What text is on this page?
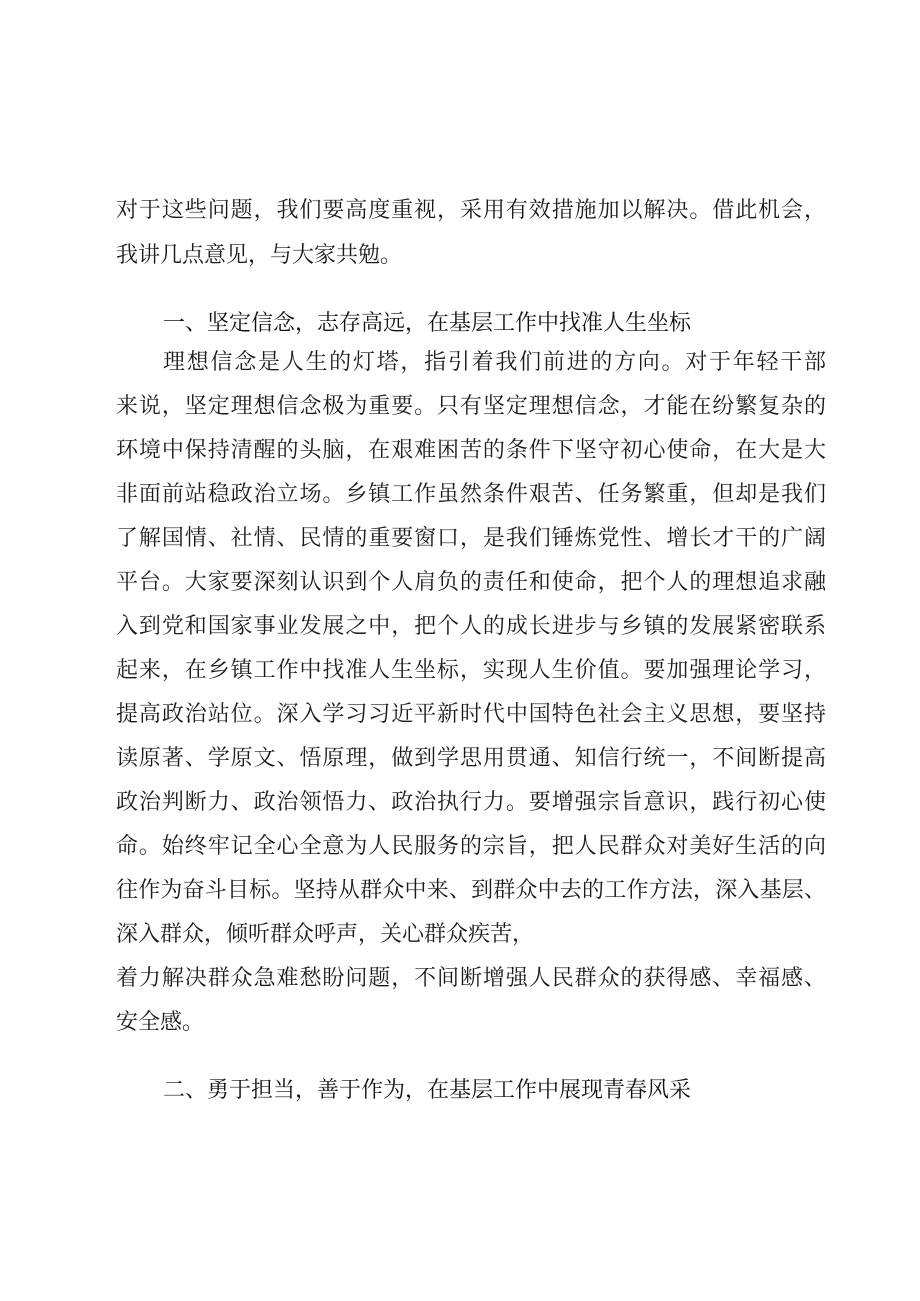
对于这些问题，我们要高度重视，采用有效措施加以解决。借此机会，
我讲几点意见，与大家共勉。
一、坚定信念，志存高远，在基层工作中找准人生坐标
理想信念是人生的灯塔，指引着我们前进的方向。对于年轻干部
来说，坚定理想信念极为重要。只有坚定理想信念，才能在纷繁复杂的
环境中保持清醒的头脑，在艰难困苦的条件下坚守初心使命，在大是大
非面前站稳政治立场。乡镇工作虽然条件艰苦、任务繁重，但却是我们
了解国情、社情、民情的重要窗口，是我们锤炼党性、增长才干的广阔
平台。大家要深刻认识到个人肩负的责任和使命，把个人的理想追求融
入到党和国家事业发展之中，把个人的成长进步与乡镇的发展紧密联系
起来，在乡镇工作中找准人生坐标，实现人生价值。要加强理论学习，
提高政治站位。深入学习习近平新时代中国特色社会主义思想，要坚持
读原著、学原文、悟原理，做到学思用贯通、知信行统一，不间断提高
政治判断力、政治领悟力、政治执行力。要增强宗旨意识，践行初心使
命。始终牢记全心全意为人民服务的宗旨，把人民群众对美好生活的向
往作为奋斗目标。坚持从群众中来、到群众中去的工作方法，深入基层、
深入群众，倾听群众呼声，关心群众疾苦，
着力解决群众急难愁盼问题，不间断增强人民群众的获得感、幸福感、
安全感。
二、勇于担当，善于作为，在基层工作中展现青春风采
